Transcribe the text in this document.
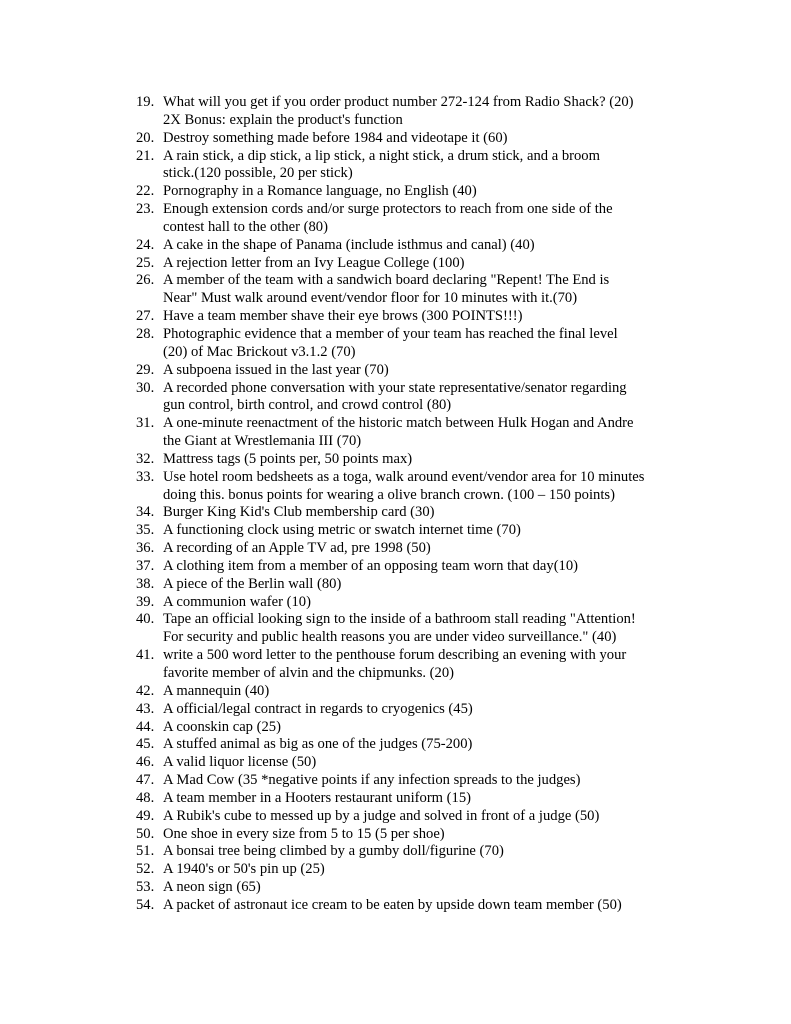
19. What will you get if you order product number 272-124 from Radio Shack? (20)
2X Bonus: explain the product's function
20. Destroy something made before 1984 and videotape it (60)
21. A rain stick, a dip stick, a lip stick, a night stick, a drum stick, and a broom
stick.(120 possible, 20 per stick)
22. Pornography in a Romance language, no English (40)
23. Enough extension cords and/or surge protectors to reach from one side of the
contest hall to the other (80)
24. A cake in the shape of Panama (include isthmus and canal) (40)
25. A rejection letter from an Ivy League College (100)
26. A member of the team with a sandwich board declaring "Repent! The End is
Near" Must walk around event/vendor floor for 10 minutes with it.(70)
27. Have a team member shave their eye brows (300 POINTS!!!)
28. Photographic evidence that a member of your team has reached the final level
(20) of Mac Brickout v3.1.2 (70)
29. A subpoena issued in the last year (70)
30. A recorded phone conversation with your state representative/senator regarding
gun control, birth control, and crowd control (80)
31. A one-minute reenactment of the historic match between Hulk Hogan and Andre
the Giant at Wrestlemania III (70)
32. Mattress tags (5 points per, 50 points max)
33. Use hotel room bedsheets as a toga, walk around event/vendor area for 10 minutes
doing this. bonus points for wearing a olive branch crown. (100 – 150 points)
34. Burger King Kid's Club membership card (30)
35. A functioning clock using metric or swatch internet time (70)
36. A recording of an Apple TV ad, pre 1998 (50)
37. A clothing item from a member of an opposing team worn that day(10)
38. A piece of the Berlin wall (80)
39. A communion wafer (10)
40. Tape an official looking sign to the inside of a bathroom stall reading "Attention!
For security and public health reasons you are under video surveillance." (40)
41. write a 500 word letter to the penthouse forum describing an evening with your
favorite member of alvin and the chipmunks. (20)
42. A mannequin (40)
43. A official/legal contract in regards to cryogenics (45)
44. A coonskin cap (25)
45. A stuffed animal as big as one of the judges (75-200)
46. A valid liquor license (50)
47. A Mad Cow (35 *negative points if any infection spreads to the judges)
48. A team member in a Hooters restaurant uniform (15)
49. A Rubik's cube to messed up by a judge and solved in front of a judge (50)
50. One shoe in every size from 5 to 15 (5 per shoe)
51. A bonsai tree being climbed by a gumby doll/figurine (70)
52. A 1940's or 50's pin up (25)
53. A neon sign (65)
54. A packet of astronaut ice cream to be eaten by upside down team member (50)
